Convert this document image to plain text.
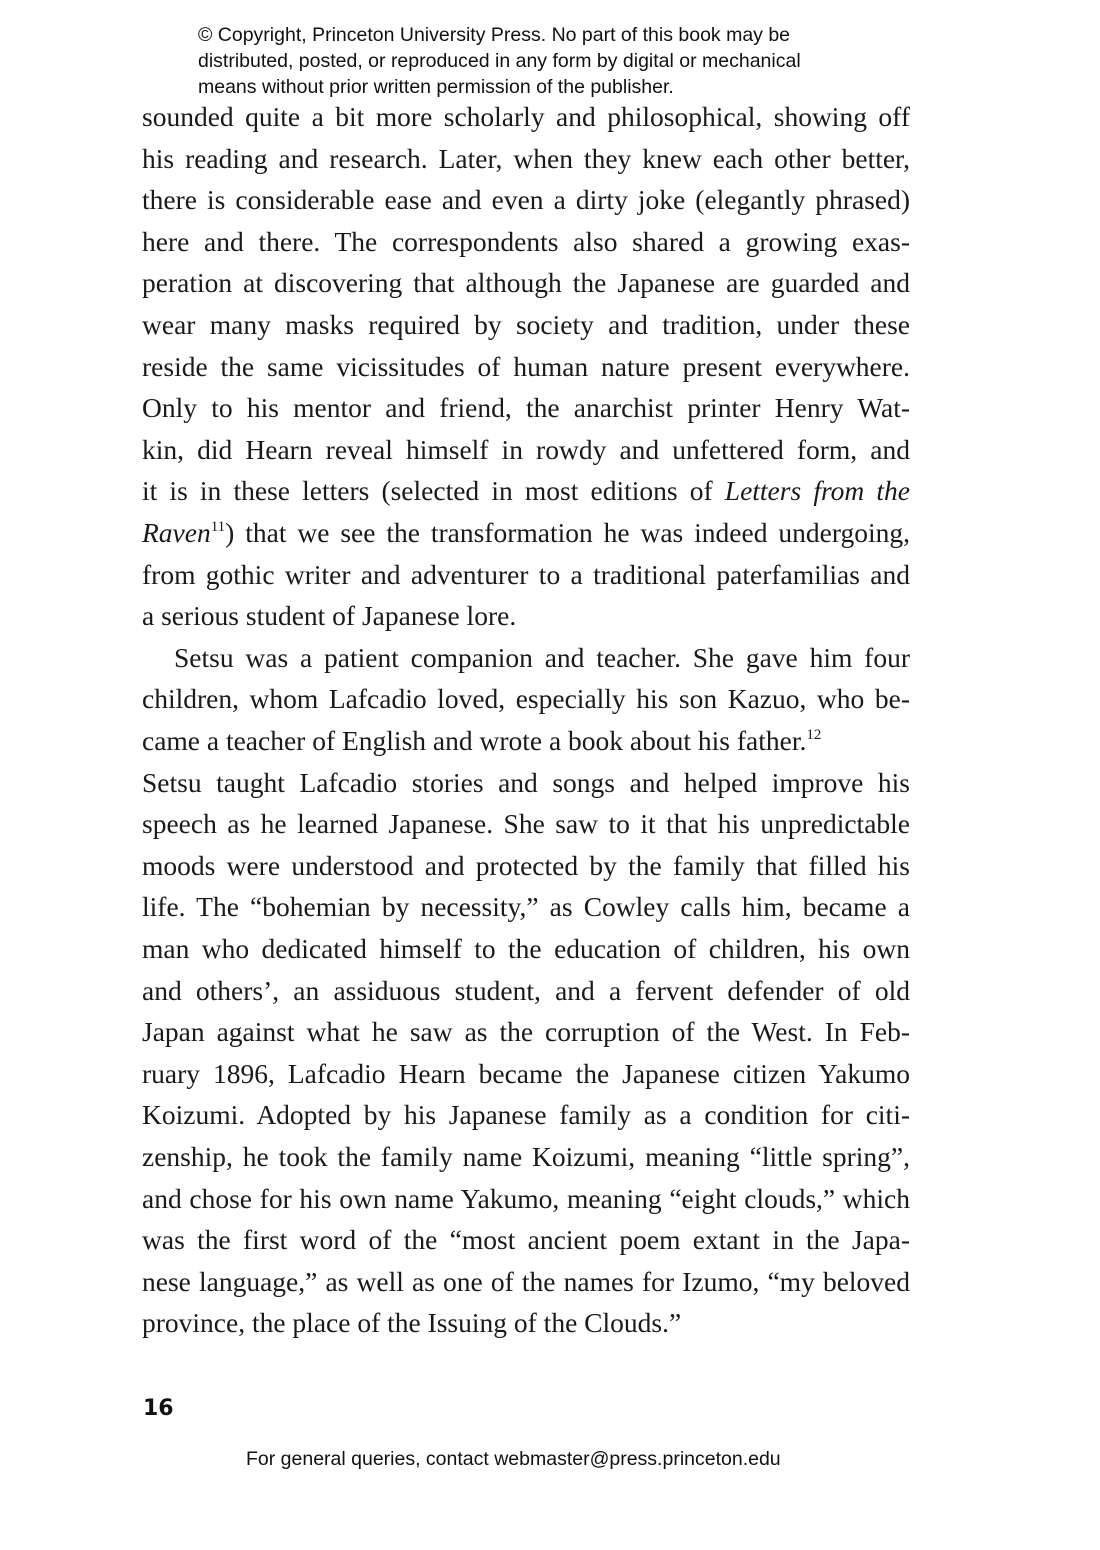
© Copyright, Princeton University Press. No part of this book may be
distributed, posted, or reproduced in any form by digital or mechanical
means without prior written permission of the publisher.
sounded quite a bit more scholarly and philosophical, showing off
his reading and research. Later, when they knew each other better,
there is considerable ease and even a dirty joke (elegantly phrased)
here and there. The correspondents also shared a growing exas-
peration at discovering that although the Japanese are guarded and
wear many masks required by society and tradition, under these
reside the same vicissitudes of human nature present everywhere.
Only to his mentor and friend, the anarchist printer Henry Wat-
kin, did Hearn reveal himself in rowdy and unfettered form, and
it is in these letters (selected in most editions of Letters from the
Raven$^{11}$) that we see the transformation he was indeed undergoing,
from gothic writer and adventurer to a traditional paterfamilias and
a serious student of Japanese lore.
Setsu was a patient companion and teacher. She gave him four
children, whom Lafcadio loved, especially his son Kazuo, who be-
came a teacher of English and wrote a book about his father.$^{12}$
Setsu taught Lafcadio stories and songs and helped improve his
speech as he learned Japanese. She saw to it that his unpredictable
moods were understood and protected by the family that filled his
life. The “bohemian by necessity,” as Cowley calls him, became a
man who dedicated himself to the education of children, his own
and others’, an assiduous student, and a fervent defender of old
Japan against what he saw as the corruption of the West. In Feb-
ruary 1896, Lafcadio Hearn became the Japanese citizen Yakumo
Koizumi. Adopted by his Japanese family as a condition for citi-
zenship, he took the family name Koizumi, meaning “little spring”,
and chose for his own name Yakumo, meaning “eight clouds,” which
was the first word of the “most ancient poem extant in the Japa-
nese language,” as well as one of the names for Izumo, “my beloved
province, the place of the Issuing of the Clouds.”
16
For general queries, contact webmaster@press.princeton.edu
